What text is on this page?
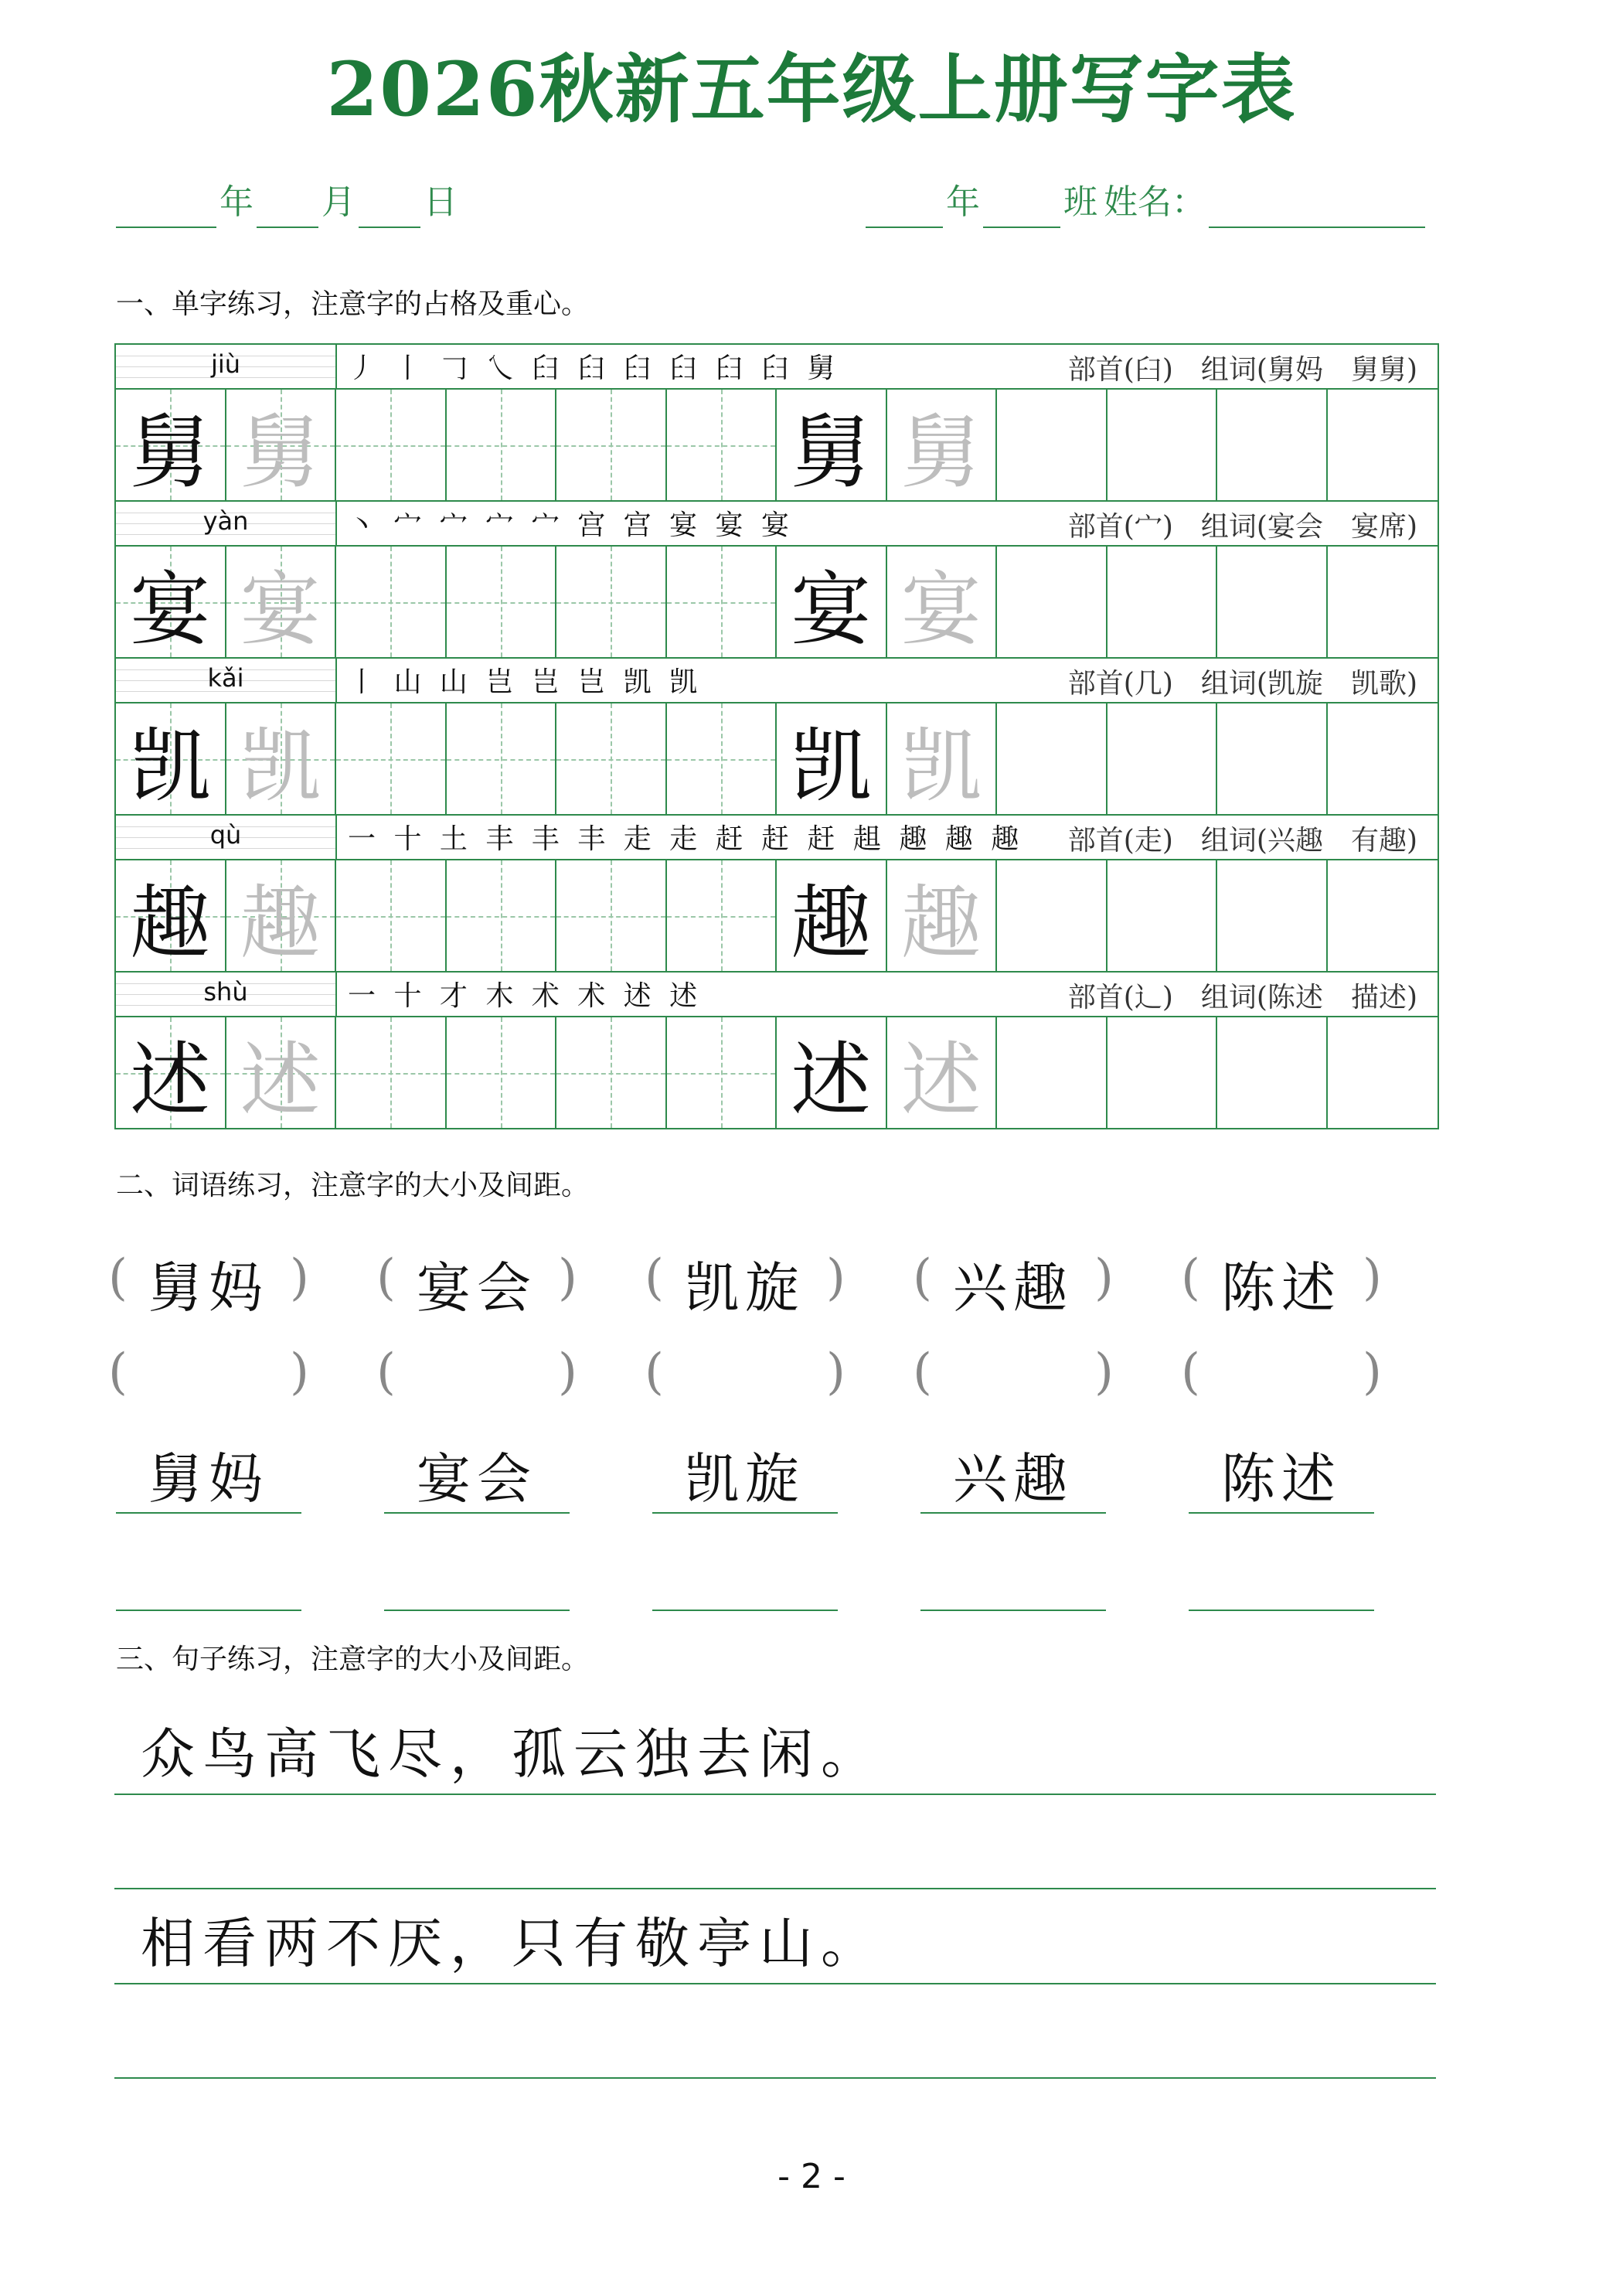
2026秋新五年级上册写字表
年 月 日	年 班 姓名：
一、单字练习，注意字的占格及重心。
jiù	丿 丨 𠃌 乀 𦥑 𦥑 𦥑 𦥑 𦥑 𦥑 舅	部首(臼)　 组词(舅妈　舅舅)
舅 舅	舅 舅
yàn	丶 宀 宀 宀 宀 宫 宫 宴 宴 宴	部首(宀)　 组词(宴会　宴席)
宴 宴	宴 宴
kǎi	丨 山 山 岂 岂 岂 凯 凯	部首(几)　 组词(凯旋　凯歌)
凯 凯	凯 凯
qù	一 十 土 丰 丰 丰 走 走 赶 赶 赶 趄 趣 趣 趣 部首(走)　 组词(兴趣　有趣)
趣 趣	趣 趣
shù	一 十 才 木 术 术 述 述	部首(辶)　 组词(陈述　描述)
述 述	述 述
二、词语练习，注意字的大小及间距。
( 舅妈 )
(	)
舅妈
( 宴会 )
(	)
宴会
( 凯旋 )
(	)
凯旋
( 兴趣 )
(	)
兴趣
( 陈述 )
(	)
陈述
三、句子练习，注意字的大小及间距。
众鸟高飞尽，孤云独去闲。
相看两不厌，只有敬亭山。
- 2 -
